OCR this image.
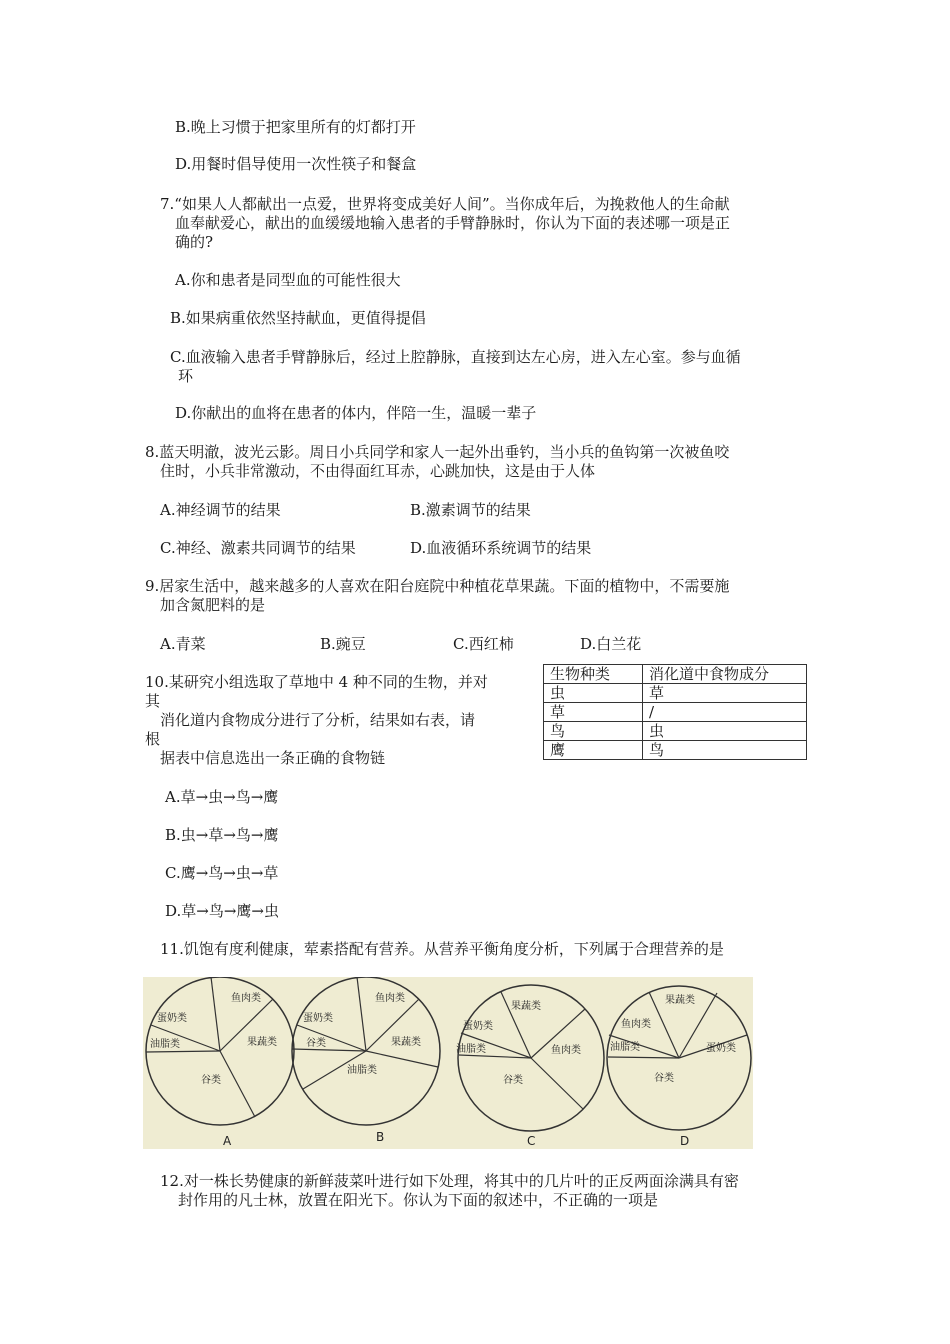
B.晚上习惯于把家里所有的灯都打开
D.用餐时倡导使用一次性筷子和餐盒
7.“如果人人都献出一点爱，世界将变成美好人间”。当你成年后，为挽救他人的生命献
血奉献爱心，献出的血缓缓地输入患者的手臂静脉时，你认为下面的表述哪一项是正
确的?
A.你和患者是同型血的可能性很大
B.如果病重依然坚持献血，更值得提倡
C.血液输入患者手臂静脉后，经过上腔静脉，直接到达左心房，进入左心室。参与血循
环
D.你献出的血将在患者的体内，伴陪一生，温暖一辈子
8.蓝天明澈，波光云影。周日小兵同学和家人一起外出垂钓，当小兵的鱼钩第一次被鱼咬
住时，小兵非常激动，不由得面红耳赤，心跳加快，这是由于人体
A.神经调节的结果	B.激素调节的结果
C.神经、激素共同调节的结果	D.血液循环系统调节的结果
9.居家生活中，越来越多的人喜欢在阳台庭院中种植花草果蔬。下面的植物中，不需要施
加含氮肥料的是
A.青菜	B.豌豆	C.西红柿	D.白兰花
10.某研究小组选取了草地中 4 种不同的生物，并对
其
消化道内食物成分进行了分析，结果如右表，请
根
据表中信息选出一条正确的食物链
生物种类	消化道中食物成分
虫	草
草	/
鸟	虫
鹰	鸟
A.草→虫→鸟→鹰
B.虫→草→鸟→鹰
C.鹰→鸟→虫→草
D.草→鸟→鹰→虫
11.饥饱有度利健康，荤素搭配有营养。从营养平衡角度分析，下列属于合理营养的是
鱼肉类
蛋奶类
油脂类	果蔬类
谷类
A
鱼肉类
蛋奶类
谷类	果蔬类
油脂类
B
果蔬类
蛋奶类
油脂类	鱼肉类
谷类
C
果蔬类
鱼肉类
油脂类	蛋奶类
谷类
D
12.对一株长势健康的新鲜菠菜叶进行如下处理，将其中的几片叶的正反两面涂满具有密
封作用的凡士林，放置在阳光下。你认为下面的叙述中，不正确的一项是
